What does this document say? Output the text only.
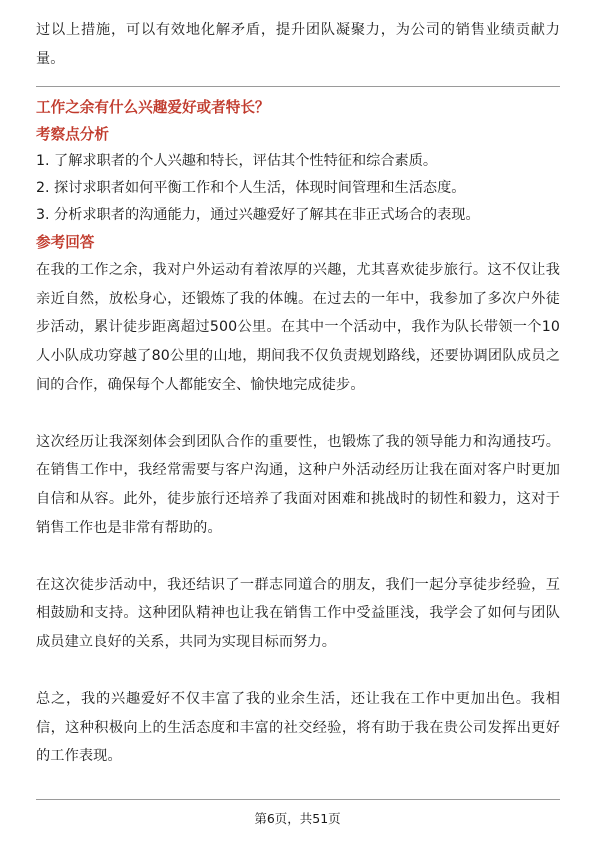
过以上措施，可以有效地化解矛盾，提升团队凝聚力，为公司的销售业绩贡献力量。

工作之余有什么兴趣爱好或者特长？

考察点分析

1. 了解求职者的个人兴趣和特长，评估其个性特征和综合素质。
2. 探讨求职者如何平衡工作和个人生活，体现时间管理和生活态度。
3. 分析求职者的沟通能力，通过兴趣爱好了解其在非正式场合的表现。

参考回答

在我的工作之余，我对户外运动有着浓厚的兴趣，尤其喜欢徒步旅行。这不仅让我亲近自然，放松身心，还锻炼了我的体魄。在过去的一年中，我参加了多次户外徒步活动，累计徒步距离超过500公里。在其中一个活动中，我作为队长带领一个10人小队成功穿越了80公里的山地，期间我不仅负责规划路线，还要协调团队成员之间的合作，确保每个人都能安全、愉快地完成徒步。

这次经历让我深刻体会到团队合作的重要性，也锻炼了我的领导能力和沟通技巧。在销售工作中，我经常需要与客户沟通，这种户外活动经历让我在面对客户时更加自信和从容。此外，徒步旅行还培养了我面对困难和挑战时的韧性和毅力，这对于销售工作也是非常有帮助的。

在这次徒步活动中，我还结识了一群志同道合的朋友，我们一起分享徒步经验，互相鼓励和支持。这种团队精神也让我在销售工作中受益匪浅，我学会了如何与团队成员建立良好的关系，共同为实现目标而努力。

总之，我的兴趣爱好不仅丰富了我的业余生活，还让我在工作中更加出色。我相信，这种积极向上的生活态度和丰富的社交经验，将有助于我在贵公司发挥出更好的工作表现。

第6页，共51页
